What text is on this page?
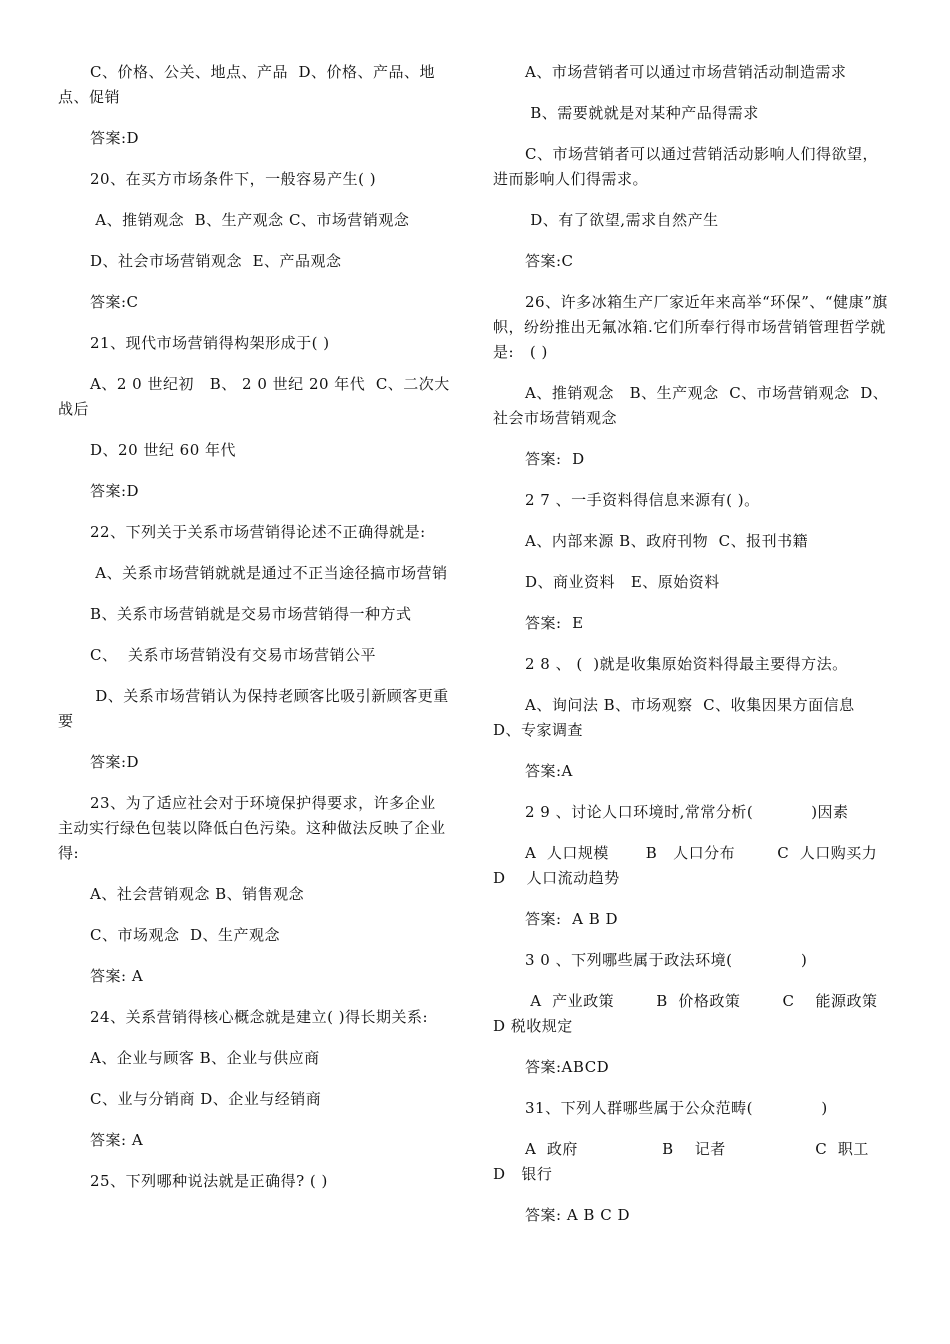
C、价格、公关、地点、产品  D、价格、产品、地点、促销

答案:D

20、在买方市场条件下，一般容易产生( )

A、推销观念  B、生产观念 C、市场营销观念

D、社会市场营销观念  E、产品观念

答案:C

21、现代市场营销得构架形成于( )

A、2 0 世纪初   B、 2 0 世纪 20 年代  C、二次大战后

D、20 世纪 60 年代

答案:D

22、下列关于关系市场营销得论述不正确得就是:

A、关系市场营销就就是通过不正当途径搞市场营销

B、关系市场营销就是交易市场营销得一种方式

C、  关系市场营销没有交易市场营销公平

D、关系市场营销认为保持老顾客比吸引新顾客更重要

答案:D

23、为了适应社会对于环境保护得要求，许多企业主动实行绿色包装以降低白色污染。这种做法反映了企业得:

A、社会营销观念 B、销售观念

C、市场观念  D、生产观念

答案: A

24、关系营销得核心概念就是建立( )得长期关系:

A、企业与顾客 B、企业与供应商

C、业与分销商 D、企业与经销商

答案: A

25、下列哪种说法就是正确得? ( )

A、市场营销者可以通过市场营销活动制造需求

B、需要就就是对某种产品得需求

C、市场营销者可以通过营销活动影响人们得欲望，进而影响人们得需求。

D、有了欲望,需求自然产生

答案:C

26、许多冰箱生产厂家近年来高举“环保”、“健康”旗帜，纷纷推出无氟冰箱.它们所奉行得市场营销管理哲学就是:   ( )

A、推销观念   B、生产观念  C、市场营销观念  D、社会市场营销观念

答案:  D

2 7 、一手资料得信息来源有( )。

A、内部来源 B、政府刊物  C、报刊书籍

D、商业资料   E、原始资料

答案:  E

2 8 、 (  )就是收集原始资料得最主要得方法。

A、询问法 B、市场观察  C、收集因果方面信息  D、专家调查

答案:A

2 9 、讨论人口环境时,常常分析(           )因素

A  人口规模       B   人口分布        C  人口购买力   D    人口流动趋势

答案:  A B D

3 0 、下列哪些属于政法环境(             )

A  产业政策        B  价格政策        C    能源政策  D 税收规定

答案:ABCD

31、下列人群哪些属于公众范畴(             )

A  政府                B    记者                 C  职工         D   银行

答案: A B C D
